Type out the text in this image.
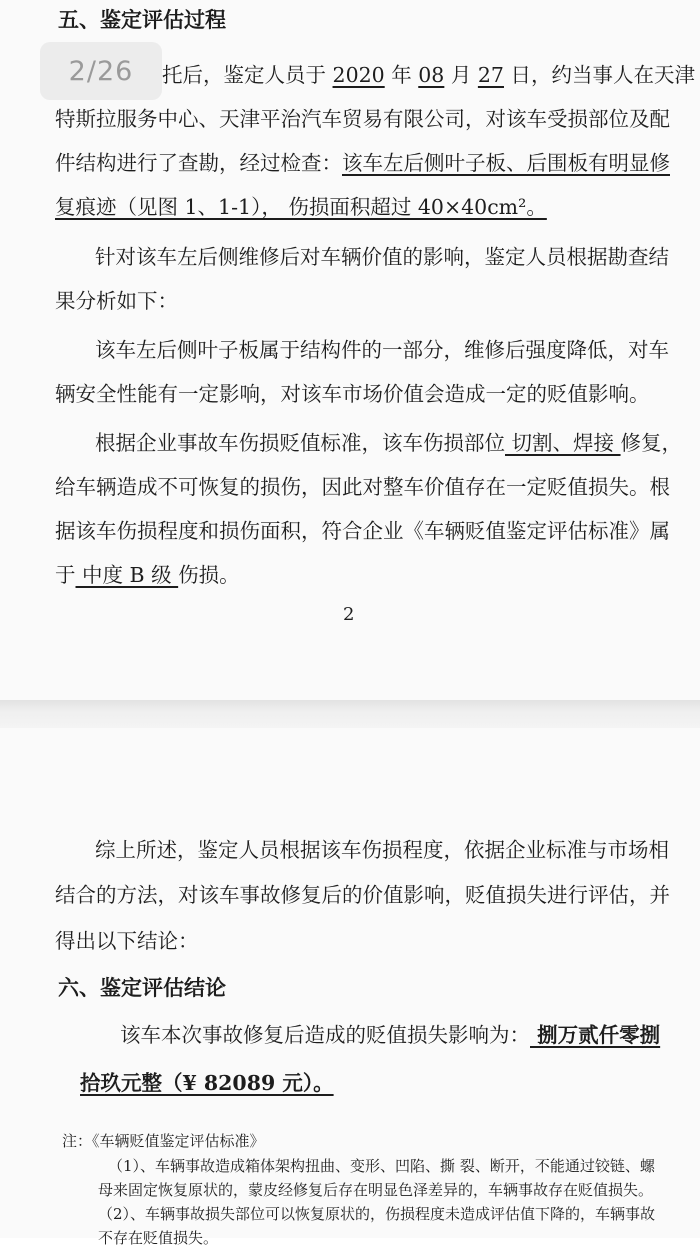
五、鉴定评估过程
托后，鉴定人员于 2020 年 08 月 27 日，约当事人在天津
特斯拉服务中心、天津平治汽车贸易有限公司，对该车受损部位及配
件结构进行了查勘，经过检查：该车左后侧叶子板、后围板有明显修
复痕迹（见图 1、1-1）， 伤损面积超过 40×40cm²。
针对该车左后侧维修后对车辆价值的影响，鉴定人员根据勘查结
果分析如下：
该车左后侧叶子板属于结构件的一部分，维修后强度降低，对车
辆安全性能有一定影响，对该车市场价值会造成一定的贬值影响。
根据企业事故车伤损贬值标准，该车伤损部位 切割、焊接 修复，
给车辆造成不可恢复的损伤，因此对整车价值存在一定贬值损失。根
据该车伤损程度和损伤面积，符合企业《车辆贬值鉴定评估标准》属
于 中度 B 级 伤损。
2
2/26
综上所述，鉴定人员根据该车伤损程度，依据企业标准与市场相
结合的方法，对该车事故修复后的价值影响，贬值损失进行评估，并
得出以下结论：
六、鉴定评估结论
该车本次事故修复后造成的贬值损失影响为： 捌万贰仟零捌
拾玖元整（¥ 82089 元）。
注：《车辆贬值鉴定评估标准》
（1）、车辆事故造成箱体架构扭曲、变形、凹陷、撕 裂、断开，不能通过铰链、螺
母来固定恢复原状的，蒙皮经修复后存在明显色泽差异的，车辆事故存在贬值损失。
（2）、车辆事故损失部位可以恢复原状的，伤损程度未造成评估值下降的，车辆事故
不存在贬值损失。
